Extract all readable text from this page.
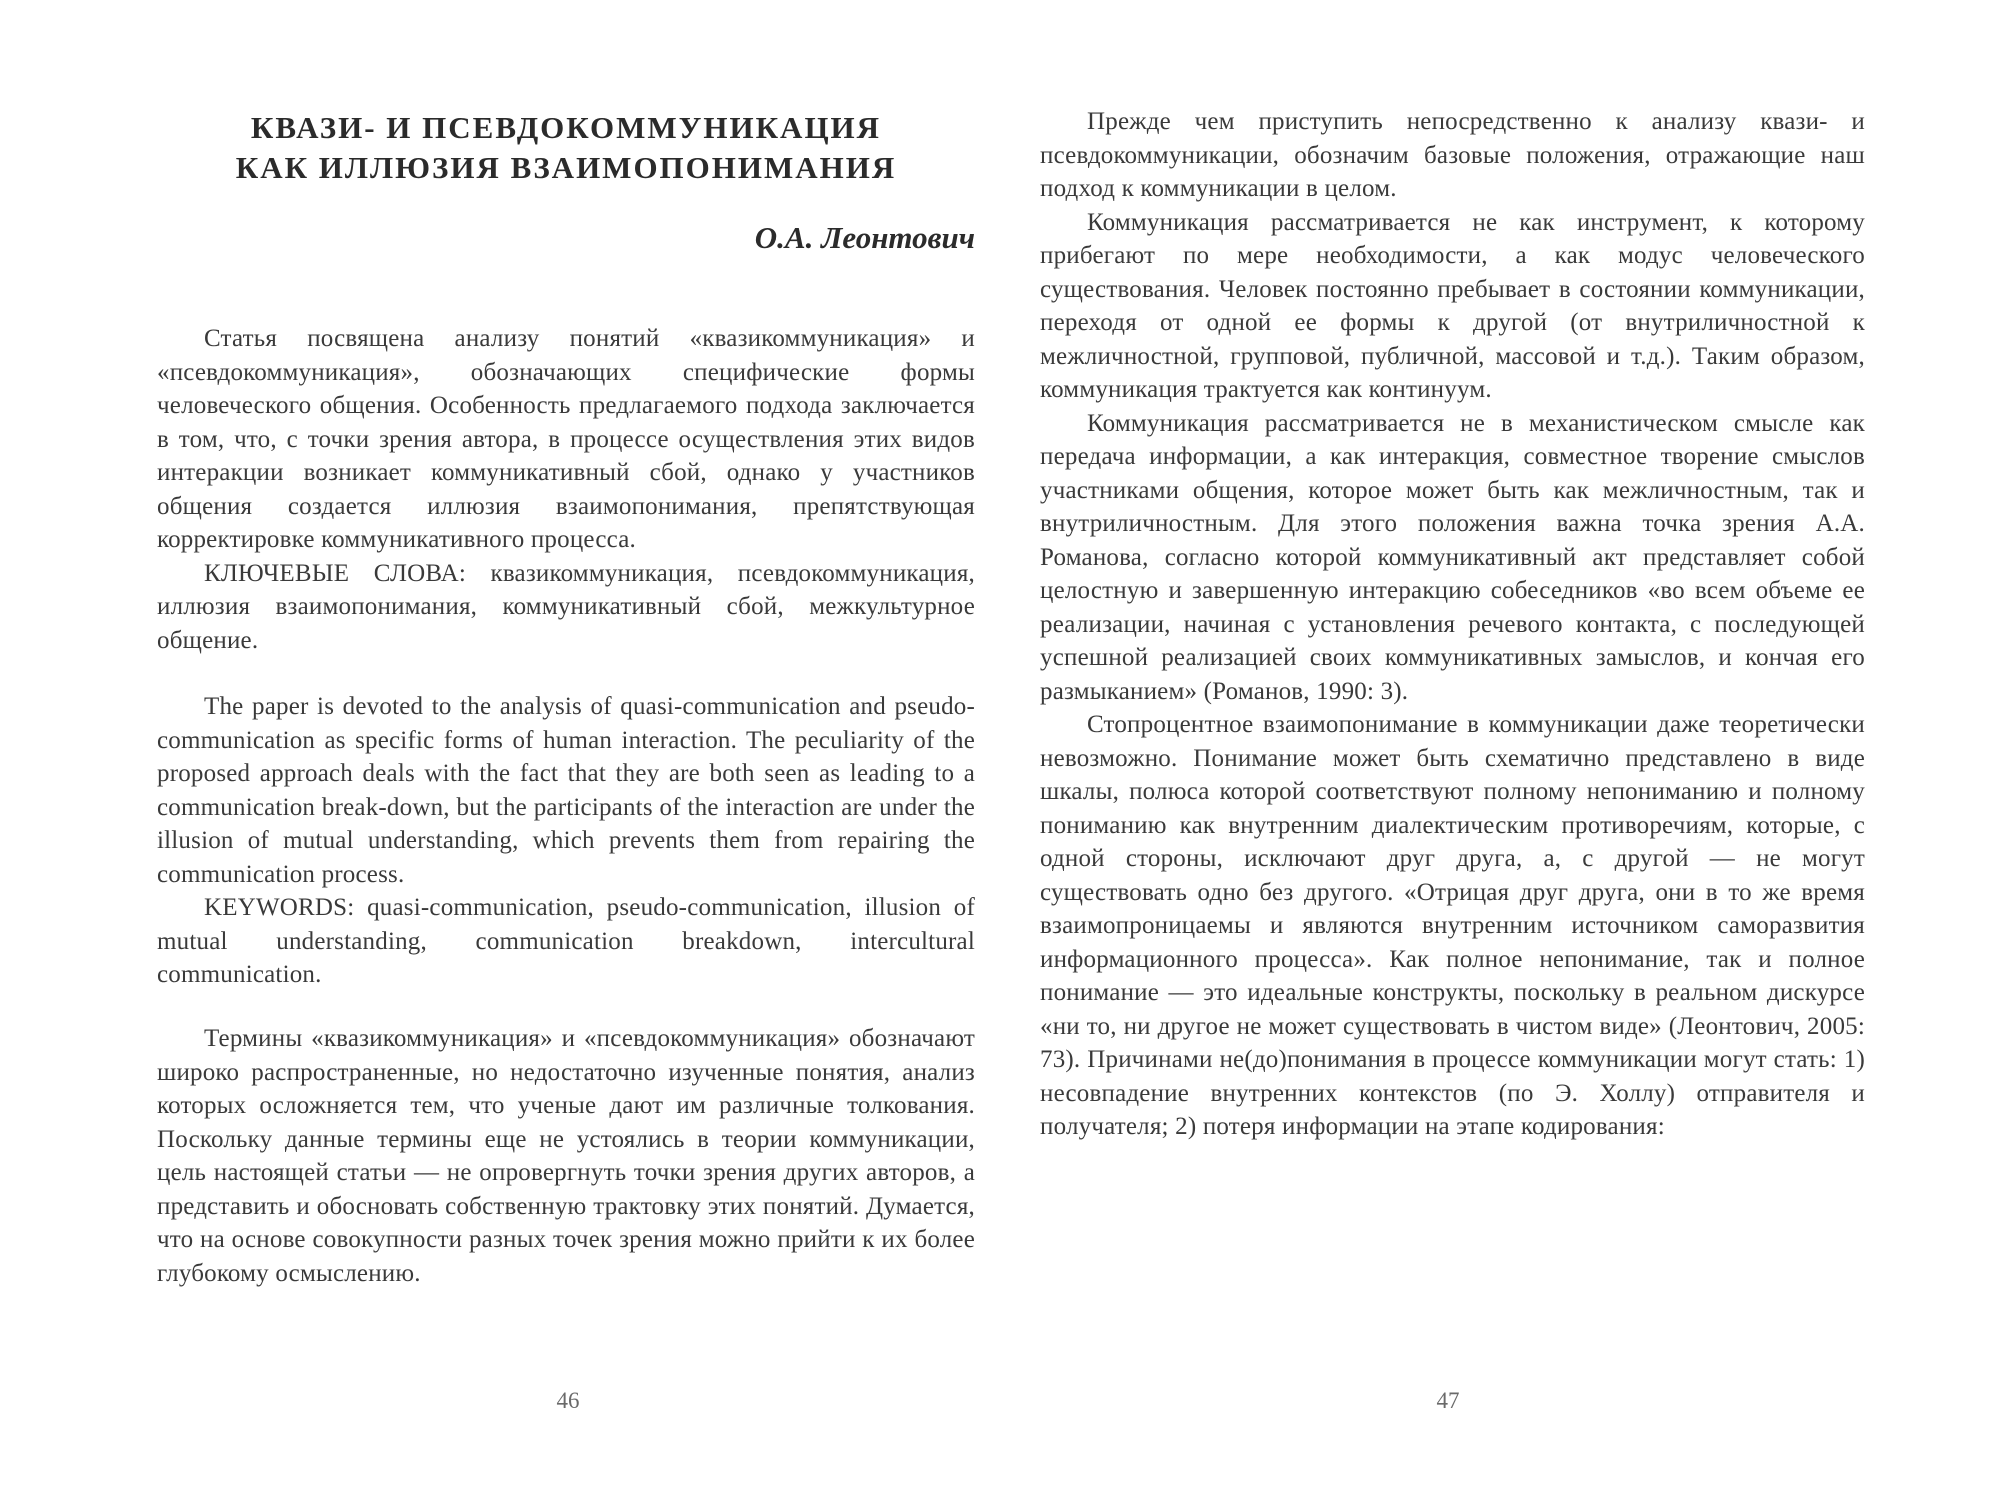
КВАЗИ- И ПСЕВДОКОММУНИКАЦИЯ
КАК ИЛЛЮЗИЯ ВЗАИМОПОНИМАНИЯ
О.А. Леонтович

Статья посвящена анализу понятий «квазикоммуникация» и «псевдокоммуникация», обозначающих специфические формы человеческого общения. Особенность предлагаемого подхода заключается в том, что, с точки зрения автора, в процессе осуществления этих видов интеракции возникает коммуникативный сбой, однако у участников общения создается иллюзия взаимопонимания, препятствующая корректировке коммуникативного процесса.

КЛЮЧЕВЫЕ СЛОВА: квазикоммуникация, псевдокоммуникация, иллюзия взаимопонимания, коммуникативный сбой, межкультурное общение.

The paper is devoted to the analysis of quasi-communication and pseudo-communication as specific forms of human interaction. The peculiarity of the proposed approach deals with the fact that they are both seen as leading to a communication break-down, but the participants of the interaction are under the illusion of mutual understanding, which prevents them from repairing the communication process.

KEYWORDS: quasi-communication, pseudo-communication, illusion of mutual understanding, communication breakdown, intercultural communication.

Термины «квазикоммуникация» и «псевдокоммуникация» обозначают широко распространенные, но недостаточно изученные понятия, анализ которых осложняется тем, что ученые дают им различные толкования. Поскольку данные термины еще не устоялись в теории коммуникации, цель настоящей статьи — не опровергнуть точки зрения других авторов, а представить и обосновать собственную трактовку этих понятий. Думается, что на основе совокупности разных точек зрения можно прийти к их более глубокому осмыслению.

46

Прежде чем приступить непосредственно к анализу квази- и псевдокоммуникации, обозначим базовые положения, отражающие наш подход к коммуникации в целом.

Коммуникация рассматривается не как инструмент, к которому прибегают по мере необходимости, а как модус человеческого существования. Человек постоянно пребывает в состоянии коммуникации, переходя от одной ее формы к другой (от внутриличностной к межличностной, групповой, публичной, массовой и т.д.). Таким образом, коммуникация трактуется как континуум.

Коммуникация рассматривается не в механистическом смысле как передача информации, а как интеракция, совместное творение смыслов участниками общения, которое может быть как межличностным, так и внутриличностным. Для этого положения важна точка зрения А.А. Романова, согласно которой коммуникативный акт представляет собой целостную и завершенную интеракцию собеседников «во всем объеме ее реализации, начиная с установления речевого контакта, с последующей успешной реализацией своих коммуникативных замыслов, и кончая его размыканием» (Романов, 1990: 3).

Стопроцентное взаимопонимание в коммуникации даже теоретически невозможно. Понимание может быть схематично представлено в виде шкалы, полюса которой соответствуют полному непониманию и полному пониманию как внутренним диалектическим противоречиям, которые, с одной стороны, исключают друг друга, а, с другой — не могут существовать одно без другого. «Отрицая друг друга, они в то же время взаимопроницаемы и являются внутренним источником саморазвития информационного процесса». Как полное непонимание, так и полное понимание — это идеальные конструкты, поскольку в реальном дискурсе «ни то, ни другое не может существовать в чистом виде» (Леонтович, 2005: 73). Причинами не(до)понимания в процессе коммуникации могут стать: 1) несовпадение внутренних контекстов (по Э. Холлу) отправителя и получателя; 2) потеря информации на этапе кодирования:

47
